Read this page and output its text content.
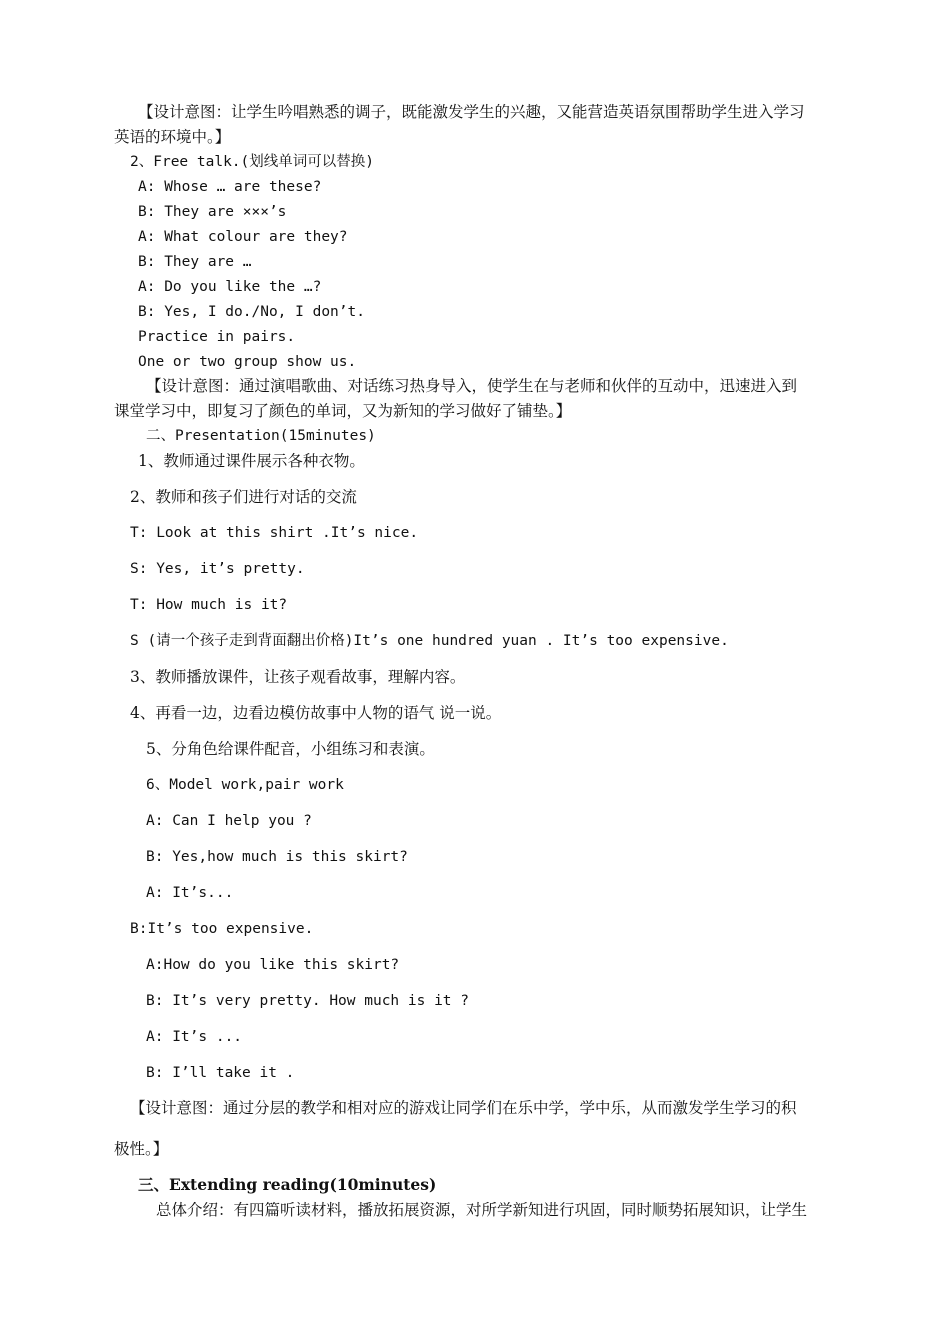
【设计意图：让学生吟唱熟悉的调子，既能激发学生的兴趣，又能营造英语氛围帮助学生进入学习
英语的环境中。】
2、Free talk.(划线单词可以替换)
A: Whose … are these?
B: They are ×××’s
A: What colour are they?
B: They are …
A: Do you like the …?
B: Yes, I do./No, I don’t.
Practice in pairs.
One or two group show us.
【设计意图：通过演唱歌曲、对话练习热身导入，使学生在与老师和伙伴的互动中，迅速进入到
课堂学习中，即复习了颜色的单词，又为新知的学习做好了铺垫。】
二、Presentation(15minutes)
1、教师通过课件展示各种衣物。
2、教师和孩子们进行对话的交流
T: Look at this shirt .It’s nice.
S: Yes, it’s pretty.
T: How much is it?
S (请一个孩子走到背面翻出价格)It’s one hundred yuan . It’s too expensive.
3、教师播放课件，让孩子观看故事，理解内容。
4、再看一边，边看边模仿故事中人物的语气 说一说。
5、分角色给课件配音，小组练习和表演。
6、Model work,pair work
A: Can I help you ?
B: Yes,how much is this skirt?
A: It’s...
B:It’s too expensive.
A:How do you like this skirt?
B: It’s very pretty. How much is it ?
A: It’s ...
B: I’ll take it .
【设计意图：通过分层的教学和相对应的游戏让同学们在乐中学，学中乐，从而激发学生学习的积
极性。】
三、Extending reading(10minutes)
总体介绍：有四篇听读材料，播放拓展资源，对所学新知进行巩固，同时顺势拓展知识，让学生
